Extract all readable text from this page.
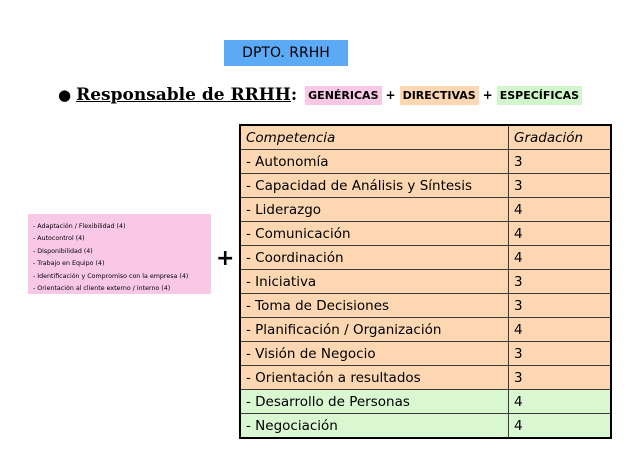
DPTO. RRHH
● Responsable de RRHH : GENÉRICAS + DIRECTIVAS + ESPECÍFICAS
- Adaptación / Flexibilidad (4)
- Autocontrol (4)
- Disponibilidad (4)
- Trabajo en Equipo (4)
- Identificación y Compromiso con la empresa (4)
- Orientación al cliente externo / interno (4)
+
Competencia	Gradación
- Autonomía	3
- Capacidad de Análisis y Síntesis	3
- Liderazgo	4
- Comunicación	4
- Coordinación	4
- Iniciativa	3
- Toma de Decisiones	3
- Planificación / Organización	4
- Visión de Negocio	3
- Orientación a resultados	3
- Desarrollo de Personas	4
- Negociación	4
